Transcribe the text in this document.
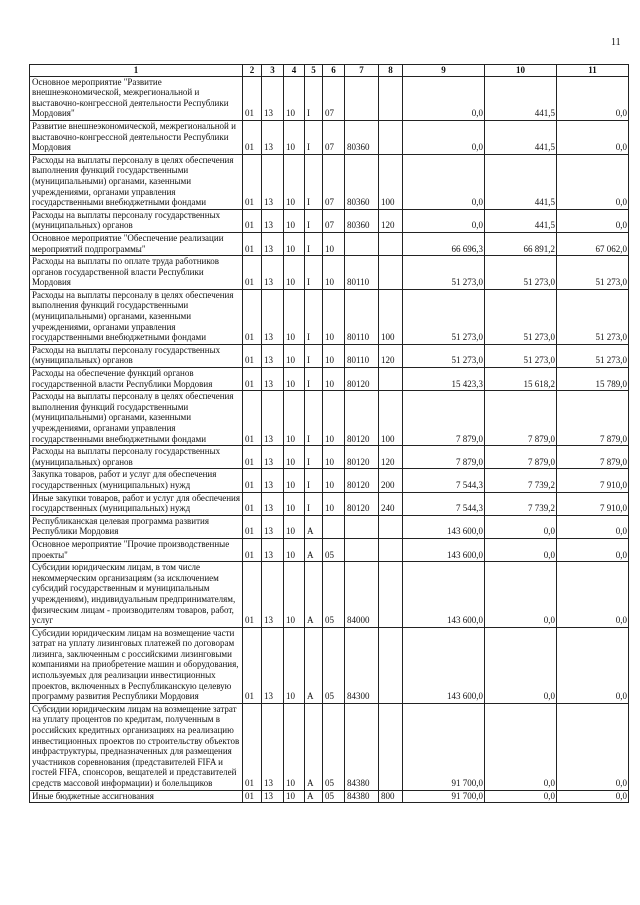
11
1	2	3	4	5	6	7	8	9	10	11
Основное мероприятие "Развитие внешнеэкономической, межрегиональной и выставочно-конгрессной деятельности Республики Мордовия"	01	13	10	I	07			0,0	441,5	0,0
Развитие внешнеэкономической, межрегиональной и выставочно-конгрессной деятельности Республики Мордовия	01	13	10	I	07	80360		0,0	441,5	0,0
Расходы на выплаты персоналу в целях обеспечения выполнения функций государственными (муниципальными) органами, казенными учреждениями, органами управления государственными внебюджетными фондами	01	13	10	I	07	80360	100	0,0	441,5	0,0
Расходы на выплаты персоналу государственных (муниципальных) органов	01	13	10	I	07	80360	120	0,0	441,5	0,0
Основное мероприятие "Обеспечение реализации мероприятий подпрограммы"	01	13	10	I	10			66 696,3	66 891,2	67 062,0
Расходы на выплаты по оплате труда работников органов государственной власти Республики Мордовия	01	13	10	I	10	80110		51 273,0	51 273,0	51 273,0
Расходы на выплаты персоналу в целях обеспечения выполнения функций государственными (муниципальными) органами, казенными учреждениями, органами управления государственными внебюджетными фондами	01	13	10	I	10	80110	100	51 273,0	51 273,0	51 273,0
Расходы на выплаты персоналу государственных (муниципальных) органов	01	13	10	I	10	80110	120	51 273,0	51 273,0	51 273,0
Расходы на обеспечение функций органов государственной власти Республики Мордовия	01	13	10	I	10	80120		15 423,3	15 618,2	15 789,0
Расходы на выплаты персоналу в целях обеспечения выполнения функций государственными (муниципальными) органами, казенными учреждениями, органами управления государственными внебюджетными фондами	01	13	10	I	10	80120	100	7 879,0	7 879,0	7 879,0
Расходы на выплаты персоналу государственных (муниципальных) органов	01	13	10	I	10	80120	120	7 879,0	7 879,0	7 879,0
Закупка товаров, работ и услуг для обеспечения государственных (муниципальных) нужд	01	13	10	I	10	80120	200	7 544,3	7 739,2	7 910,0
Иные закупки товаров, работ и услуг для обеспечения государственных (муниципальных) нужд	01	13	10	I	10	80120	240	7 544,3	7 739,2	7 910,0
Республиканская целевая программа развития Республики Мордовия	01	13	10	А				143 600,0	0,0	0,0
Основное мероприятие "Прочие производственные проекты"	01	13	10	А	05			143 600,0	0,0	0,0
Субсидии юридическим лицам, в том числе некоммерческим организациям (за исключением субсидий государственным и муниципальным учреждениям), индивидуальным предпринимателям, физическим лицам - производителям товаров, работ, услуг	01	13	10	А	05	84000		143 600,0	0,0	0,0
Субсидии юридическим лицам на возмещение части затрат на уплату лизинговых платежей по договорам лизинга, заключенным с российскими лизинговыми компаниями на приобретение машин и оборудования, используемых для реализации инвестиционных проектов, включенных в Республиканскую целевую программу развития Республики Мордовия	01	13	10	А	05	84300		143 600,0	0,0	0,0
Субсидии юридическим лицам на возмещение затрат на уплату процентов по кредитам, полученным в российских кредитных организациях на реализацию инвестиционных проектов по строительству объектов инфраструктуры, предназначенных для размещения участников соревнования (представителей FIFA и гостей FIFA, спонсоров, вещателей и представителей средств массовой информации) и болельщиков	01	13	10	А	05	84380		91 700,0	0,0	0,0
Иные бюджетные ассигнования	01	13	10	А	05	84380	800	91 700,0	0,0	0,0
